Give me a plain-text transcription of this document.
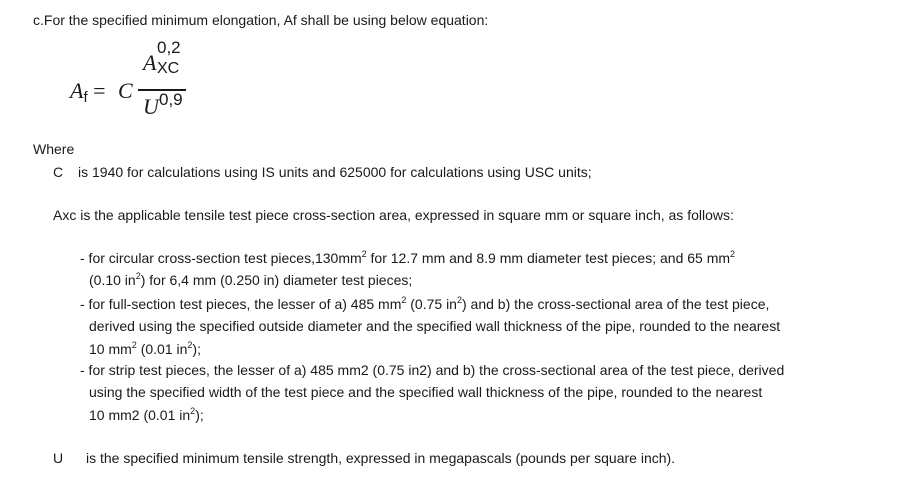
c.For the specified minimum elongation, Af shall be using below equation:
$A_f = C$
A
0,2
XC
U 0,9
Where
C is 1940 for calculations using IS units and 625000 for calculations using USC units;
Axc is the applicable tensile test piece cross-section area, expressed in square mm or square inch, as follows:
- for circular cross-section test $pieces,130mm^2$ for 12.7 mm and 8.9 mm diameter test pieces; and 65 $mm^2$
(0.10 $in^2$) for 6,4 mm (0.250 in) diameter test pieces;
- for full-section test pieces, the lesser of a) 485 $mm^2$ (0.75 $in^2$) and b) the cross-sectional area of the test piece,
derived using the specified outside diameter and the specified wall thickness of the pipe, rounded to the nearest
10 $mm^2$ (0.01 $in^2$);
- for strip test pieces, the lesser of a) 485 mm2 (0.75 in2) and b) the cross-sectional area of the test piece, derived
using the specified width of the test piece and the specified wall thickness of the pipe, rounded to the nearest
10 mm2 (0.01 $in^2$);
U is the specified minimum tensile strength, expressed in megapascals (pounds per square inch).
